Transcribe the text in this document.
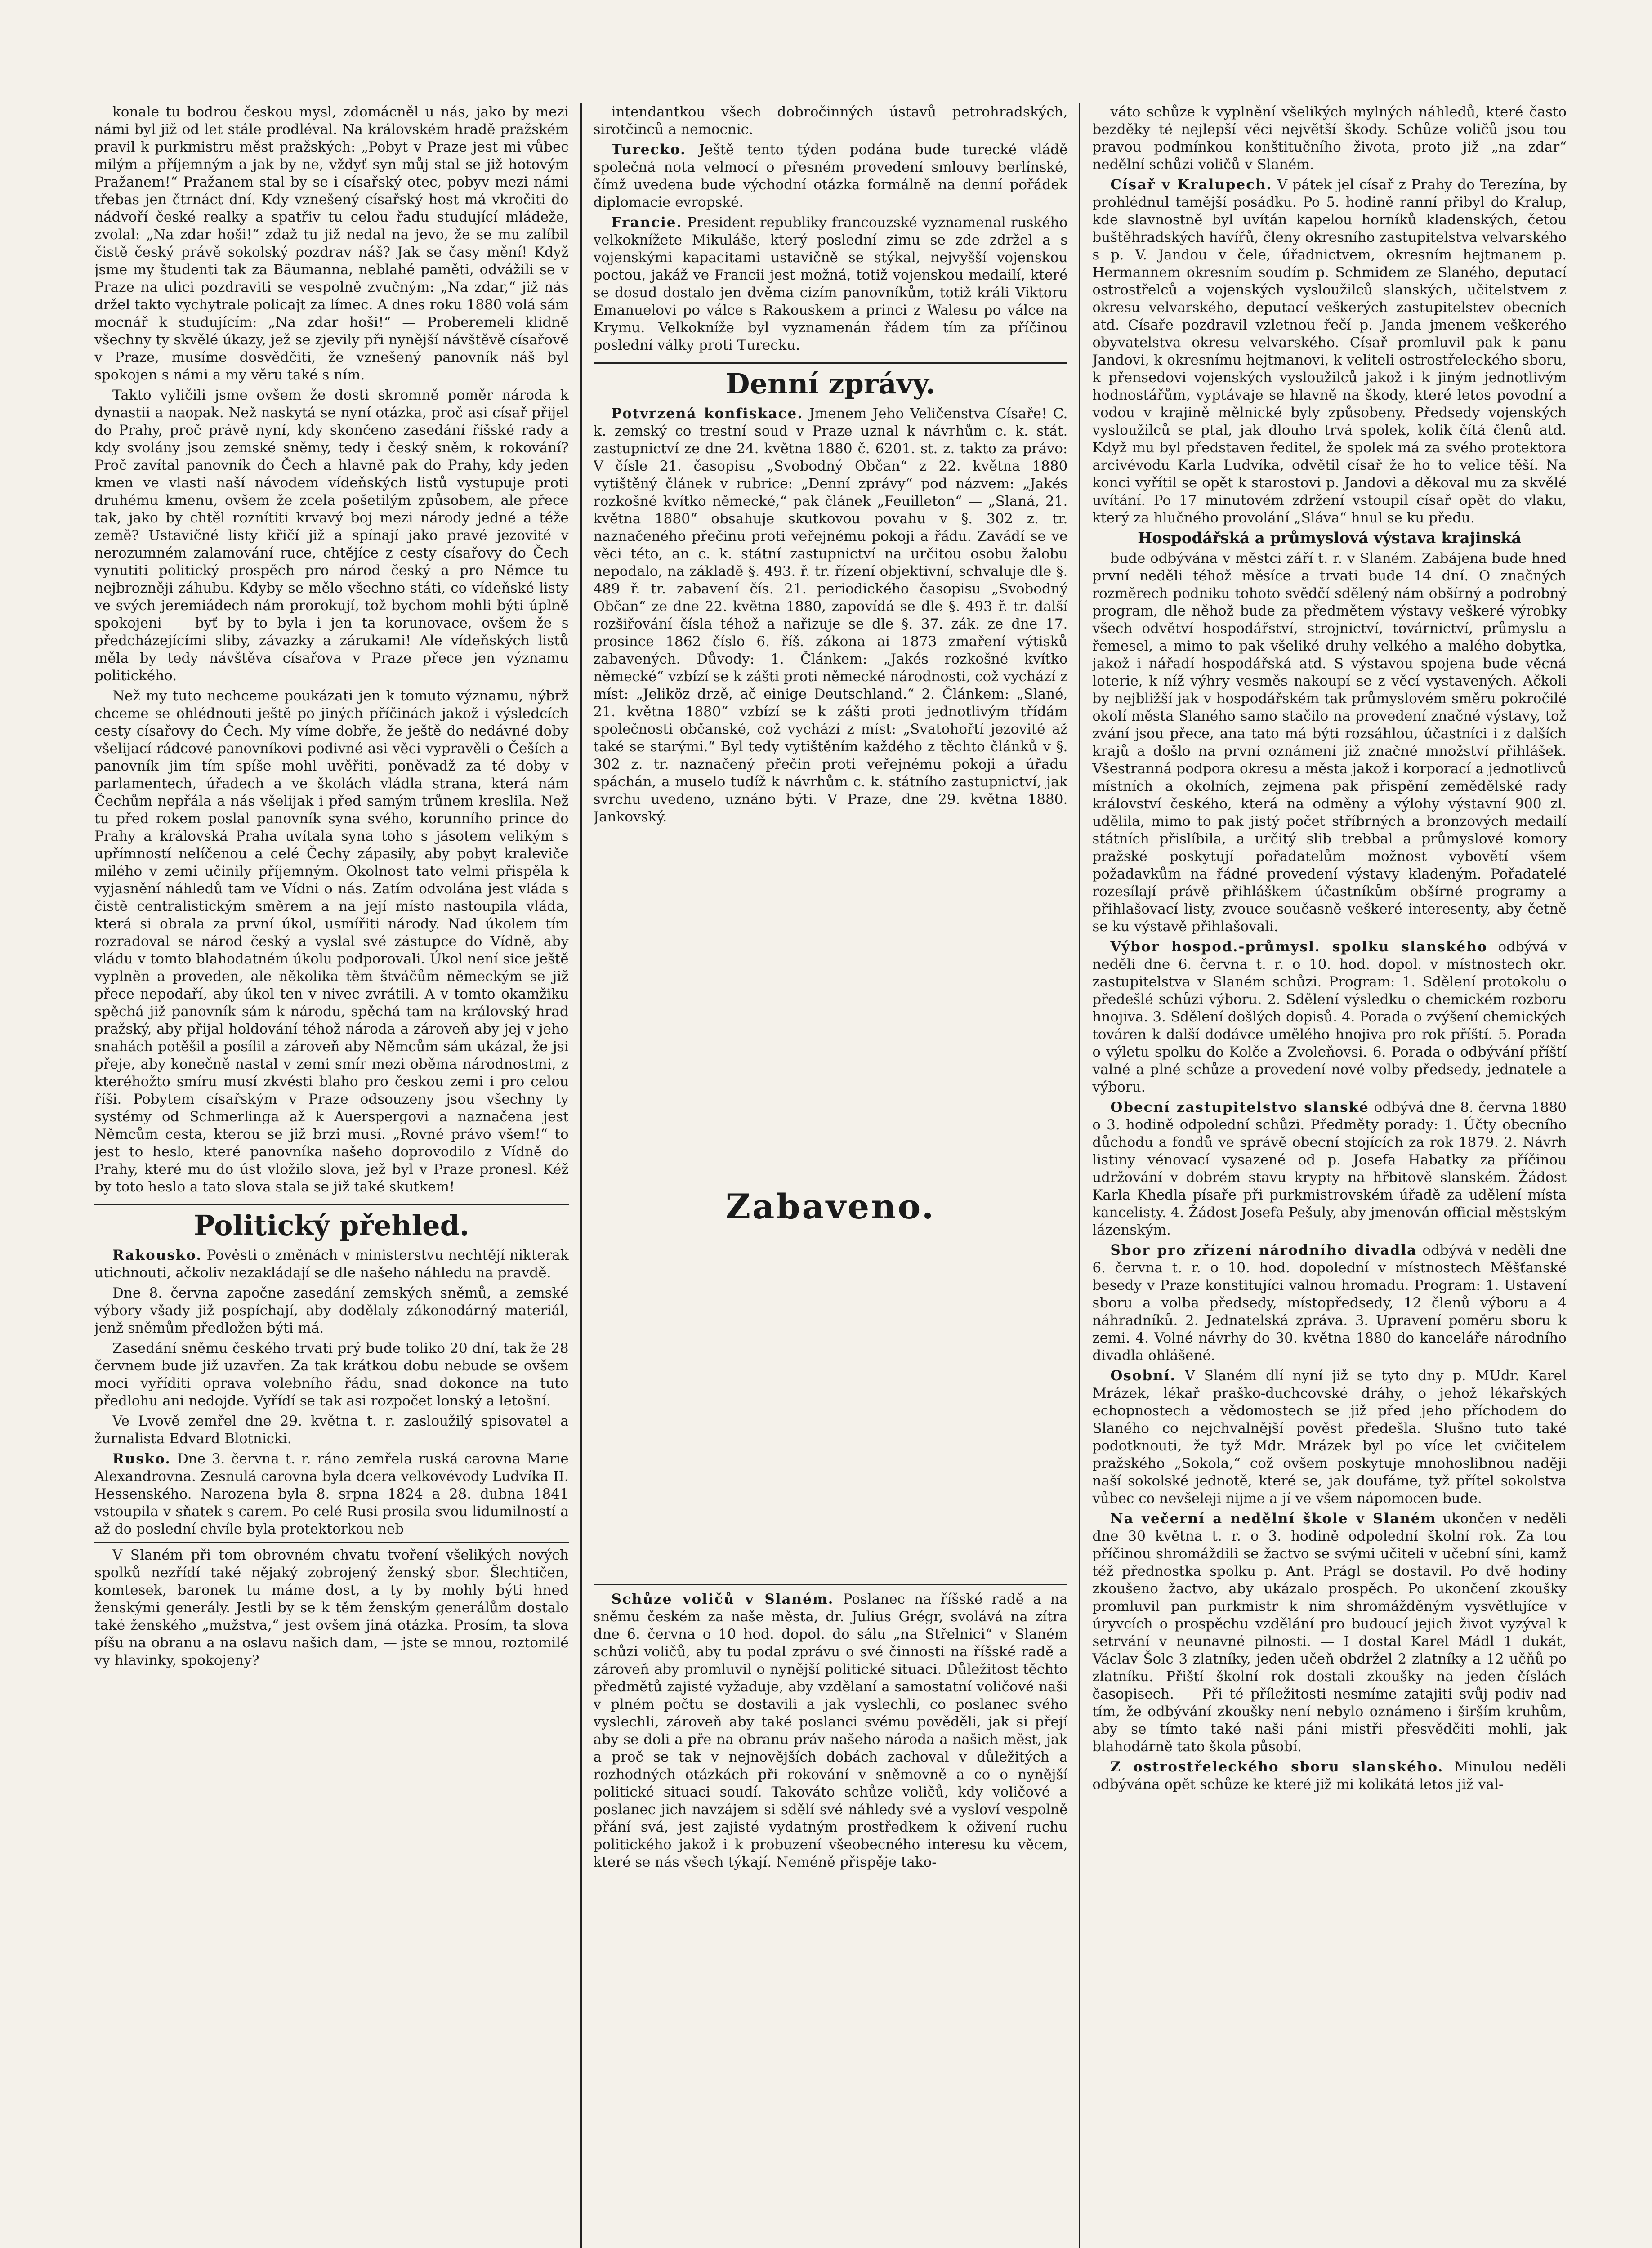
konale tu bodrou českou mysl, zdomácněl u nás, jako by mezi námi byl již od let stále prodléval. Na královském hradě pražském pravil k purkmistru měst pražských: „Pobyt v Praze jest mi vůbec milým a příjemným a jak by ne, vždyť syn můj stal se již hotovým Pražanem!“ Pražanem stal by se i císařský otec, pobyv mezi námi třebas jen čtrnáct dní. Kdy vznešený císařský host má vkročiti do nádvoří české realky a spatřiv tu celou řadu studující mládeže, zvolal: „Na zdar hoši!“ zdaž tu již nedal na jevo, že se mu zalíbil čistě český právě sokolský pozdrav náš? Jak se časy mění! Když jsme my študenti tak za Bäumanna, neblahé paměti, odvážili se v Praze na ulici pozdraviti se vespolně zvučným: „Na zdar,“ již nás držel takto vychytrale policajt za límec. A dnes roku 1880 volá sám mocnář k studujícím: „Na zdar hoši!“ — Proberemeli klidně všechny ty skvělé úkazy, jež se zjevily při nynější návštěvě císařově v Praze, musíme dosvědčiti, že vznešený panovník náš byl spokojen s námi a my věru také s ním.

Takto vyličili jsme ovšem že dosti skromně poměr národa k dynastii a naopak. Než naskytá se nyní otázka, proč asi císař přijel do Prahy, proč právě nyní, kdy skončeno zasedání říšské rady a kdy svolány jsou zemské sněmy, tedy i český sněm, k rokování? Proč zavítal panovník do Čech a hlavně pak do Prahy, kdy jeden kmen ve vlasti naší návodem vídeňských listů vystupuje proti druhému kmenu, ovšem že zcela pošetilým způsobem, ale přece tak, jako by chtěl roznítiti krvavý boj mezi národy jedné a téže země? Ustavičné listy křičí již a spínají jako pravé jezovité v nerozumném zalamování ruce, chtějíce z cesty císařovy do Čech vynutiti politický prospěch pro národ český a pro Němce tu nejbrozněji záhubu. Kdyby se mělo všechno státi, co vídeňské listy ve svých jeremiádech nám prorokují, tož bychom mohli býti úplně spokojeni — byť by to byla i jen ta korunovace, ovšem že s předcházejícími sliby, závazky a zárukami! Ale vídeňských listů měla by tedy návštěva císařova v Praze přece jen významu politického.

Než my tuto nechceme poukázati jen k tomuto významu, nýbrž chceme se ohlédnouti ještě po jiných příčinách jakož i výsledcích cesty císařovy do Čech. My víme dobře, že ještě do nedávné doby všelijací rádcové panovníkovi podivné asi věci vypravěli o Češích a panovník jim tím spíše mohl uvěřiti, poněvadž za té doby v parlamentech, úřadech a ve školách vládla strana, která nám Čechům nepřála a nás všelijak i před samým trůnem kreslila. Než tu před rokem poslal panovník syna svého, korunního prince do Prahy a královská Praha uvítala syna toho s jásotem velikým s upřímností nelíčenou a celé Čechy zápasily, aby pobyt kraleviče milého v zemi učinily příjemným. Okolnost tato velmi přispěla k vyjasnění náhledů tam ve Vídni o nás. Zatím odvolána jest vláda s čistě centralistickým směrem a na její místo nastoupila vláda, která si obrala za první úkol, usmířiti národy. Nad úkolem tím rozradoval se národ český a vyslal své zástupce do Vídně, aby vládu v tomto blahodatném úkolu podporovali. Úkol není sice ještě vyplněn a proveden, ale několika těm štváčům německým se již přece nepodaří, aby úkol ten v nivec zvrátili. A v tomto okamžiku spěchá již panovník sám k národu, spěchá tam na královský hrad pražský, aby přijal holdování téhož národa a zároveň aby jej v jeho snahách potěšil a posílil a zároveň aby Němcům sám ukázal, že jsi přeje, aby konečně nastal v zemi smír mezi oběma národnostmi, z kteréhožto smíru musí zkvésti blaho pro českou zemi i pro celou říši. Pobytem císařským v Praze odsouzeny jsou všechny ty systémy od Schmerlinga až k Auerspergovi a naznačena jest Němcům cesta, kterou se již brzi musí. „Rovné právo všem!“ to jest to heslo, které panovníka našeho doprovodilo z Vídně do Prahy, které mu do úst vložilo slova, jež byl v Praze pronesl. Kéž by toto heslo a tato slova stala se již také skutkem!

Politický přehled.

Rakousko. Povėsti o změnách v ministerstvu nechtějí nikterak utichnouti, ačkoliv nezakládají se dle našeho náhledu na pravdě.

Dne 8. června započne zasedání zemských sněmů, a zemské výbory všady již pospíchají, aby dodělaly zákonodárný materiál, jenž sněmům předložen býti má.

Zasedání sněmu českého trvati prý bude toliko 20 dní, tak že 28 červnem bude již uzavřen. Za tak krátkou dobu nebude se ovšem moci vyříditi oprava volebního řádu, snad dokonce na tuto předlohu ani nedojde. Vyřídí se tak asi rozpočet lonský a letošní.

Ve Lvově zemřel dne 29. května t. r. zasloužilý spisovatel a žurnalista Edvard Blotnicki.

Rusko. Dne 3. června t. r. ráno zemřela ruská carovna Marie Alexandrovna. Zesnulá carovna byla dcera velkovévody Ludvíka II. Hessenského. Narozena byla 8. srpna 1824 a 28. dubna 1841 vstoupila v sňatek s carem. Po celé Rusi prosila svou lidumilností a až do poslední chvíle byla protektorkou neb

V Slaném při tom obrovném chvatu tvoření všelikých nových spolků nezřídí také nějaký zobrojený ženský sbor. Šlechtičen, komtesek, baronek tu máme dost, a ty by mohly býti hned ženskými generály. Jestli by se k těm ženským generálům dostalo také ženského „mužstva,“ jest ovšem jiná otázka. Prosím, ta slova píšu na obranu a na oslavu našich dam, — jste se mnou, roztomilé vy hlavinky, spokojeny?

intendantkou všech dobročinných ústavů petrohradských, sirotčinců a nemocnic.

Turecko. Ještě tento týden podána bude turecké vládě společná nota velmocí o přesném provedení smlouvy berlínské, čímž uvedena bude východní otázka formálně na denní pořádek diplomacie evropské.

Francie. President republiky francouzské vyznamenal ruského velkoknížete Mikuláše, který poslední zimu se zde zdržel a s vojenskými kapacitami ustavičně se stýkal, nejvyšší vojenskou poctou, jakáž ve Francii jest možná, totiž vojenskou medailí, které se dosud dostalo jen dvěma cizím panovníkům, totiž králi Viktoru Emanuelovi po válce s Rakouskem a princi z Walesu po válce na Krymu. Velkokníže byl vyznamenán řádem tím za příčinou poslední války proti Turecku.

Denní zprávy.

Potvrzená konfiskace. Jmenem Jeho Veličenstva Císaře! C. k. zemský co trestní soud v Praze uznal k návrhům c. k. stát. zastupnictví ze dne 24. května 1880 č. 6201. st. z. takto za právo: V čísle 21. časopisu „Svobodný Občan“ z 22. května 1880 vytištěný článek v rubrice: „Denní zprávy“ pod názvem: „Jakés rozkošné kvítko německé,“ pak článek „Feuilleton“ — „Slaná, 21. května 1880“ obsahuje skutkovou povahu v §. 302 z. tr. naznačeného přečinu proti veřejnému pokoji a řádu. Zavádí se ve věci této, an c. k. státní zastupnictví na určitou osobu žalobu nepodalo, na základě §. 493. ř. tr. řízení objektivní, schvaluje dle §. 489 ř. tr. zabavení čís. 21. periodického časopisu „Svobodný Občan“ ze dne 22. května 1880, zapovídá se dle §. 493 ř. tr. další rozšiřování čísla téhož a nařizuje se dle §. 37. zák. ze dne 17. prosince 1862 číslo 6. říš. zákona ai 1873 zmaření výtisků zabavených. Důvody: 1. Článkem: „Jakés rozkošné kvítko německé“ vzbízí se k zášti proti německé národnosti, což vychází z míst: „Jeliköz drzě, ač einige Deutschland.“ 2. Článkem: „Slané, 21. května 1880“ vzbízí se k zášti proti jednotlivým třídám společnosti občanské, což vychází z míst: „Svatohořtí jezovité až také se starými.“ Byl tedy vytištěním každého z těchto článků v §. 302 z. tr. naznačený přečin proti veřejnému pokoji a úřadu spáchán, a muselo tudíž k návrhům c. k. státního zastupnictví, jak svrchu uvedeno, uznáno býti. V Praze, dne 29. května 1880. Jankovský.

Zabaveno.

Schůze voličů v Slaném. Poslanec na říšské radě a na sněmu českém za naše města, dr. Julius Grégr, svolává na zítra dne 6. června o 10 hod. dopol. do sálu „na Střelnici“ v Slaném schůzi voličů, aby tu podal zprávu o své činnosti na říšské radě a zároveň aby promluvil o nynější politické situaci. Důležitost těchto předmětů zajisté vyžaduje, aby vzdělaní a samostatní voličové naši v plném počtu se dostavili a jak vyslechli, co poslanec svého vyslechli, zároveň aby také poslanci svému pověděli, jak si přejí aby se doli a pře na obranu práv našeho národa a našich měst, jak a proč se tak v nejnovějších dobách zachoval v důležitých a rozhodných otázkách při rokování v sněmovně a co o nynější politické situaci soudí. Takováto schůze voličů, kdy voličové a poslanec jich navzájem si sdělí své náhledy své a vysloví vespolně přání svá, jest zajisté vydatným prostředkem k oživení ruchu politického jakož i k probuzení všeobecného interesu ku věcem, které se nás všech týkají. Neméně přispěje tako-

váto schůze k vyplnění všelikých mylných náhledů, které často bezděky té nejlepší věci největší škody. Schůze voličů jsou tou pravou podmínkou konštitučního života, proto již „na zdar“ nedělní schůzi voličů v Slaném.

Císař v Kralupech. V pátek jel císař z Prahy do Terezína, by prohlédnul tamější posádku. Po 5. hodině ranní přibyl do Kralup, kde slavnostně byl uvítán kapelou horníků kladenských, četou buštěhradských havířů, členy okresního zastupitelstva velvarského s p. V. Jandou v čele, úřadnictvem, okresním hejtmanem p. Hermannem okresním soudím p. Schmidem ze Slaného, deputací ostrostřelců a vojenských vysloužilců slanských, učitelstvem z okresu velvarského, deputací veškerých zastupitelstev obecních atd. Císaře pozdravil vzletnou řečí p. Janda jmenem veškerého obyvatelstva okresu velvarského. Císař promluvil pak k panu Jandovi, k okresnímu hejtmanovi, k veliteli ostrostřeleckého sboru, k přensedovi vojenských vysloužilců jakož i k jiným jednotlivým hodnostářům, vyptávaje se hlavně na škody, které letos povodní a vodou v krajině mělnické byly způsobeny. Předsedy vojenských vysloužilců se ptal, jak dlouho trvá spolek, kolik čítá členů atd. Když mu byl představen ředitel, že spolek má za svého protektora arcivévodu Karla Ludvíka, odvětil císař že ho to velice těší. Na konci vyřítil se opět k starostovi p. Jandovi a děkoval mu za skvělé uvítání. Po 17 minutovém zdržení vstoupil císař opět do vlaku, který za hlučného provolání „Sláva“ hnul se ku předu.

Hospodářská a průmyslová výstava krajinská

bude odbývána v městci září t. r. v Slaném. Zabájena bude hned první neděli téhož měsíce a trvati bude 14 dní. O značných rozměrech podniku tohoto svědčí sdělený nám obšírný a podrobný program, dle něhož bude za předmětem výstavy veškeré výrobky všech odvětví hospodářství, strojnictví, továrnictví, průmyslu a řemesel, a mimo to pak všeliké druhy velkého a malého dobytka, jakož i nářadí hospodářská atd. S výstavou spojena bude věcná loterie, k níž výhry vesměs nakoupí se z věcí vystavených. Ačkoli by nejbližší jak v hospodářském tak průmyslovém směru pokročilé okolí města Slaného samo stačilo na provedení značné výstavy, tož zvání jsou přece, ana tato má býti rozsáhlou, účastníci i z dalších krajů a došlo na první oznámení již značné množství přihlášek. Všestranná podpora okresu a města jakož i korporací a jednotlivců místních a okolních, zejmena pak přispění zemědělské rady království českého, která na odměny a výlohy výstavní 900 zl. udělila, mimo to pak jistý počet stříbrných a bronzových medailí státních přislíbila, a určitý slib trebbal a průmyslové komory pražské poskytují pořadatelům možnost vybovětí všem požadavkům na řádné provedení výstavy kladeným. Pořadatelé rozesílají právě přihláškem účastníkům obšírné programy a přihlašovací listy, zvouce současně veškeré interesenty, aby četně se ku výstavě přihlašovali.

Výbor hospod.-průmysl. spolku slanského odbývá v neděli dne 6. června t. r. o 10. hod. dopol. v místnostech okr. zastupitelstva v Slaném schůzi. Program: 1. Sdělení protokolu o předešlé schůzi výboru. 2. Sdělení výsledku o chemickém rozboru hnojiva. 3. Sdělení došlých dopisů. 4. Porada o zvýšení chemických továren k další dodávce umělého hnojiva pro rok příští. 5. Porada o výletu spolku do Kolče a Zvoleňovsi. 6. Porada o odbývání příští valné a plné schůze a provedení nové volby předsedy, jednatele a výboru.

Obecní zastupitelstvo slanské odbývá dne 8. června 1880 o 3. hodině odpolední schůzi. Předměty porady: 1. Účty obecního důchodu a fondů ve správě obecní stojících za rok 1879. 2. Návrh listiny vénovací vysazené od p. Josefa Habatky za příčinou udržování v dobrém stavu krypty na hřbitově slanském. Žádost Karla Khedla písaře při purkmistrovském úřadě za udělení místa kancelisty. 4. Žádost Josefa Pešuly, aby jmenován official městským lázenským.

Sbor pro zřízení národního divadla odbývá v neděli dne 6. června t. r. o 10. hod. dopolední v místnostech Měšťanské besedy v Praze konstitujíci valnou hromadu. Program: 1. Ustavení sboru a volba předsedy, místopředsedy, 12 členů výboru a 4 náhradníků. 2. Jednatelská zpráva. 3. Upravení poměru sboru k zemi. 4. Volné návrhy do 30. května 1880 do kanceláře národního divadla ohlášené.

Osobní. V Slaném dlí nyní již se tyto dny p. MUdr. Karel Mrázek, lékař praško-duchcovské dráhy, o jehož lékařských echopnostech a vědomostech se již před jeho příchodem do Slaného co nejchvalnější pověst předešla. Slušno tuto také podotknouti, že tyž Mdr. Mrázek byl po více let cvičitelem pražského „Sokola,“ což ovšem poskytuje mnohoslibnou naději naší sokolské jednotě, které se, jak doufáme, tyž přítel sokolstva vůbec co nevšeleji nijme a jí ve všem nápomocen bude.

Na večerní a nedělní škole v Slaném ukončen v neděli dne 30 května t. r. o 3. hodině odpolední školní rok. Za tou příčinou shromáždili se žactvo se svými učiteli v učební síni, kamž též přednostka spolku p. Ant. Prágl se dostavil. Po dvě hodiny zkoušeno žactvo, aby ukázalo prospěch. Po ukončení zkoušky promluvil pan purkmistr k nim shromážděným vysvětlujíce v úryvcích o prospěchu vzdělání pro budoucí jejich život vyzýval k setrvání v neunavné pilnosti. — I dostal Karel Mádl 1 dukát, Václav Šolc 3 zlatníky, jeden učeň obdržel 2 zlatníky a 12 učňů po zlatníku. Přiští školní rok dostali zkoušky na jeden číslách časopisech. — Při té příležitosti nesmíme zatajiti svůj podiv nad tím, že odbývání zkoušky není nebylo oznámeno i širším kruhům, aby se tímto také naši páni mistři přesvědčiti mohli, jak blahodárně tato škola působí.

Z ostrostřeleckého sboru slanského. Minulou neděli odbývána opět schůze ke které již mi kolikátá letos již val-
